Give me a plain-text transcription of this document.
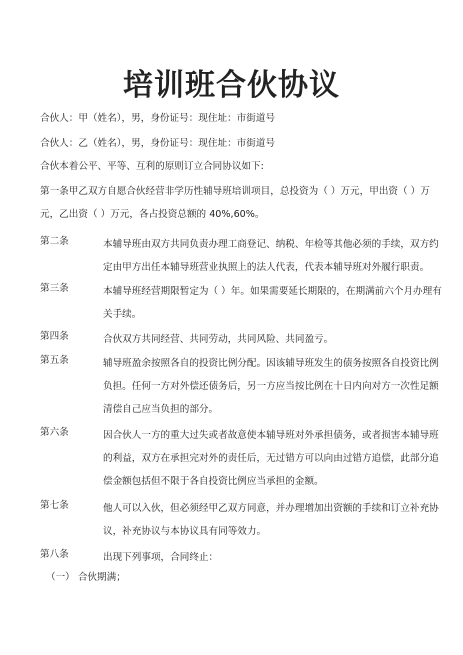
培训班合伙协议
合伙人：甲（姓名），男，身份证号：现住址：市街道号
合伙人：乙（姓名），男，身份证号：现住址：市街道号
合伙本着公平、平等、互利的原则订立合同协议如下:
第一条甲乙双方自愿合伙经营非学历性辅导班培训项目，总投资为（ ）万元，甲出资（ ）万
元，乙出资（ ）万元，各占投资总额的 40%,60%。
第二条	本辅导班由双方共同负责办理工商登记、纳税、年检等其他必须的手续，双方约
定由甲方出任本辅导班营业执照上的法人代表，代表本辅导班对外履行职责。
第三条	本辅导班经营期限暂定为（ ）年。如果需要延长期限的，在期满前六个月办理有
关手续。
第四条	合伙双方共同经营、共同劳动，共同风险、共同盈亏。
第五条	辅导班盈余按照各自的投资比例分配。因该辅导班发生的债务按照各自投资比例
负担。任何一方对外偿还债务后，另一方应当按比例在十日内向对方一次性足额
清偿自己应当负担的部分。
第六条	因合伙人一方的重大过失或者故意使本辅导班对外承担债务，或者损害本辅导班
的利益，双方在承担完对外的责任后，无过错方可以向由过错方追偿，此部分追
偿金额包括但不限于各自投资比例应当承担的金额。
第七条	他人可以入伙，但必须经甲乙双方同意，并办理增加出资额的手续和订立补充协
议，补充协议与本协议具有同等效力。
第八条	出现下列事项，合同终止：
（一） 合伙期满；
